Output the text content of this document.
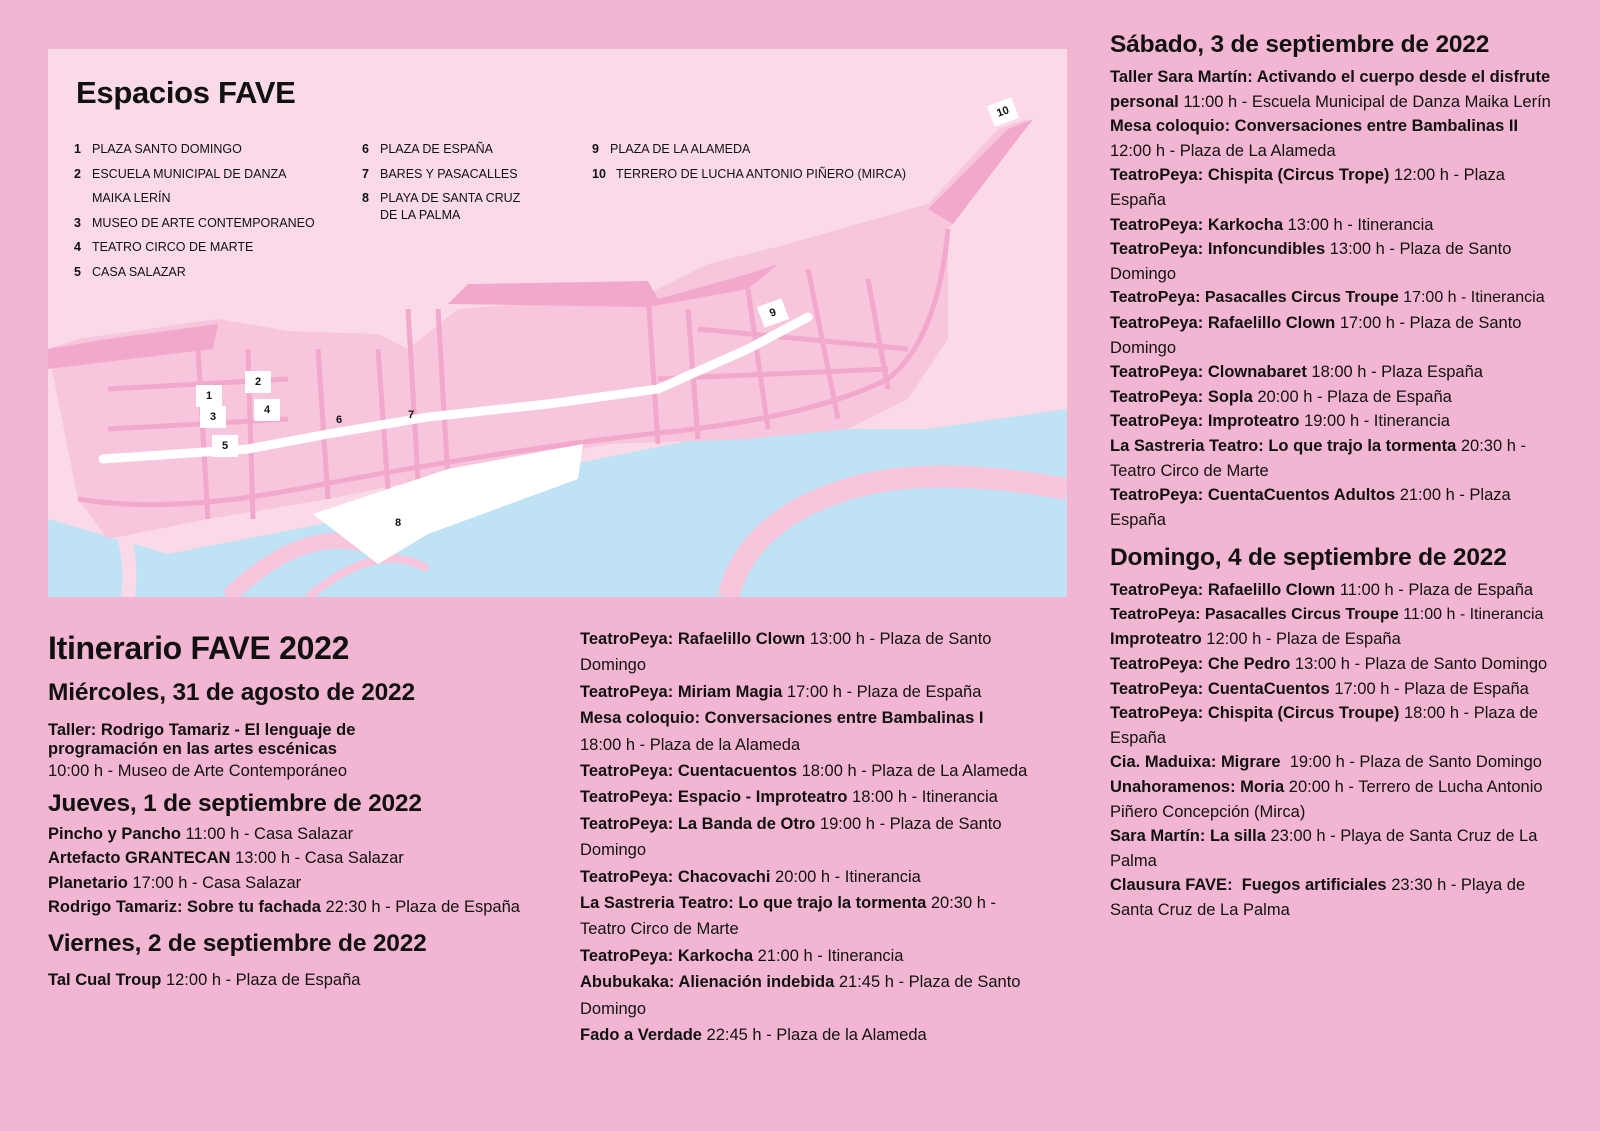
Espacios FAVE
1 PLAZA SANTO DOMINGO
2 ESCUELA MUNICIPAL DE DANZA
MAIKA LERÍN
3 MUSEO DE ARTE CONTEMPORANEO
4 TEATRO CIRCO DE MARTE
5 CASA SALAZAR
6 PLAZA DE ESPAÑA
7 BARES Y PASACALLES
8 PLAYA DE SANTA CRUZ
DE LA PALMA
9 PLAZA DE LA ALAMEDA
10 TERRERO DE LUCHA ANTONIO PIÑERO (MIRCA)
1
2
3
4
5
6	7
8
9
10
Itinerario FAVE 2022
Miércoles, 31 de agosto de 2022
Taller: Rodrigo Tamariz - El lenguaje de programación en las artes escénicas
10:00 h - Museo de Arte Contemporáneo
Jueves, 1 de septiembre de 2022
Pincho y Pancho 11:00 h - Casa Salazar
Artefacto GRANTECAN 13:00 h - Casa Salazar
Planetario 17:00 h - Casa Salazar
Rodrigo Tamariz: Sobre tu fachada 22:30 h - Plaza de España
Viernes, 2 de septiembre de 2022
Tal Cual Troup 12:00 h - Plaza de España
TeatroPeya: Rafaelillo Clown 13:00 h - Plaza de Santo Domingo
TeatroPeya: Miriam Magia 17:00 h - Plaza de España
Mesa coloquio: Conversaciones entre Bambalinas I
18:00 h - Plaza de la Alameda
TeatroPeya: Cuentacuentos 18:00 h - Plaza de La Alameda
TeatroPeya: Espacio - Improteatro 18:00 h - Itinerancia
TeatroPeya: La Banda de Otro 19:00 h - Plaza de Santo Domingo
TeatroPeya: Chacovachi 20:00 h - Itinerancia
La Sastreria Teatro: Lo que trajo la tormenta 20:30 h - Teatro Circo de Marte
TeatroPeya: Karkocha 21:00 h - Itinerancia
Abubukaka: Alienación indebida 21:45 h - Plaza de Santo Domingo
Fado a Verdade 22:45 h - Plaza de la Alameda
Sábado, 3 de septiembre de 2022
Taller Sara Martín: Activando el cuerpo desde el disfrute personal 11:00 h - Escuela Municipal de Danza Maika Lerín
Mesa coloquio: Conversaciones entre Bambalinas II
12:00 h - Plaza de La Alameda
TeatroPeya: Chispita (Circus Trope) 12:00 h - Plaza España
TeatroPeya: Karkocha 13:00 h - Itinerancia
TeatroPeya: Infoncundibles 13:00 h - Plaza de Santo Domingo
TeatroPeya: Pasacalles Circus Troupe 17:00 h - Itinerancia
TeatroPeya: Rafaelillo Clown 17:00 h - Plaza de Santo Domingo
TeatroPeya: Clownabaret 18:00 h - Plaza España
TeatroPeya: Sopla 20:00 h - Plaza de España
TeatroPeya: Improteatro 19:00 h - Itinerancia
La Sastreria Teatro: Lo que trajo la tormenta 20:30 h - Teatro Circo de Marte
TeatroPeya: CuentaCuentos Adultos 21:00 h - Plaza España
Domingo, 4 de septiembre de 2022
TeatroPeya: Rafaelillo Clown 11:00 h - Plaza de España
TeatroPeya: Pasacalles Circus Troupe 11:00 h - Itinerancia
Improteatro 12:00 h - Plaza de España
TeatroPeya: Che Pedro 13:00 h - Plaza de Santo Domingo
TeatroPeya: CuentaCuentos 17:00 h - Plaza de España
TeatroPeya: Chispita (Circus Troupe) 18:00 h - Plaza de España
Cia. Maduixa: Migrare  19:00 h - Plaza de Santo Domingo
Unahoramenos: Moria 20:00 h - Terrero de Lucha Antonio Piñero Concepción (Mirca)
Sara Martín: La silla 23:00 h - Playa de Santa Cruz de La Palma
Clausura FAVE:  Fuegos artificiales 23:30 h - Playa de Santa Cruz de La Palma
